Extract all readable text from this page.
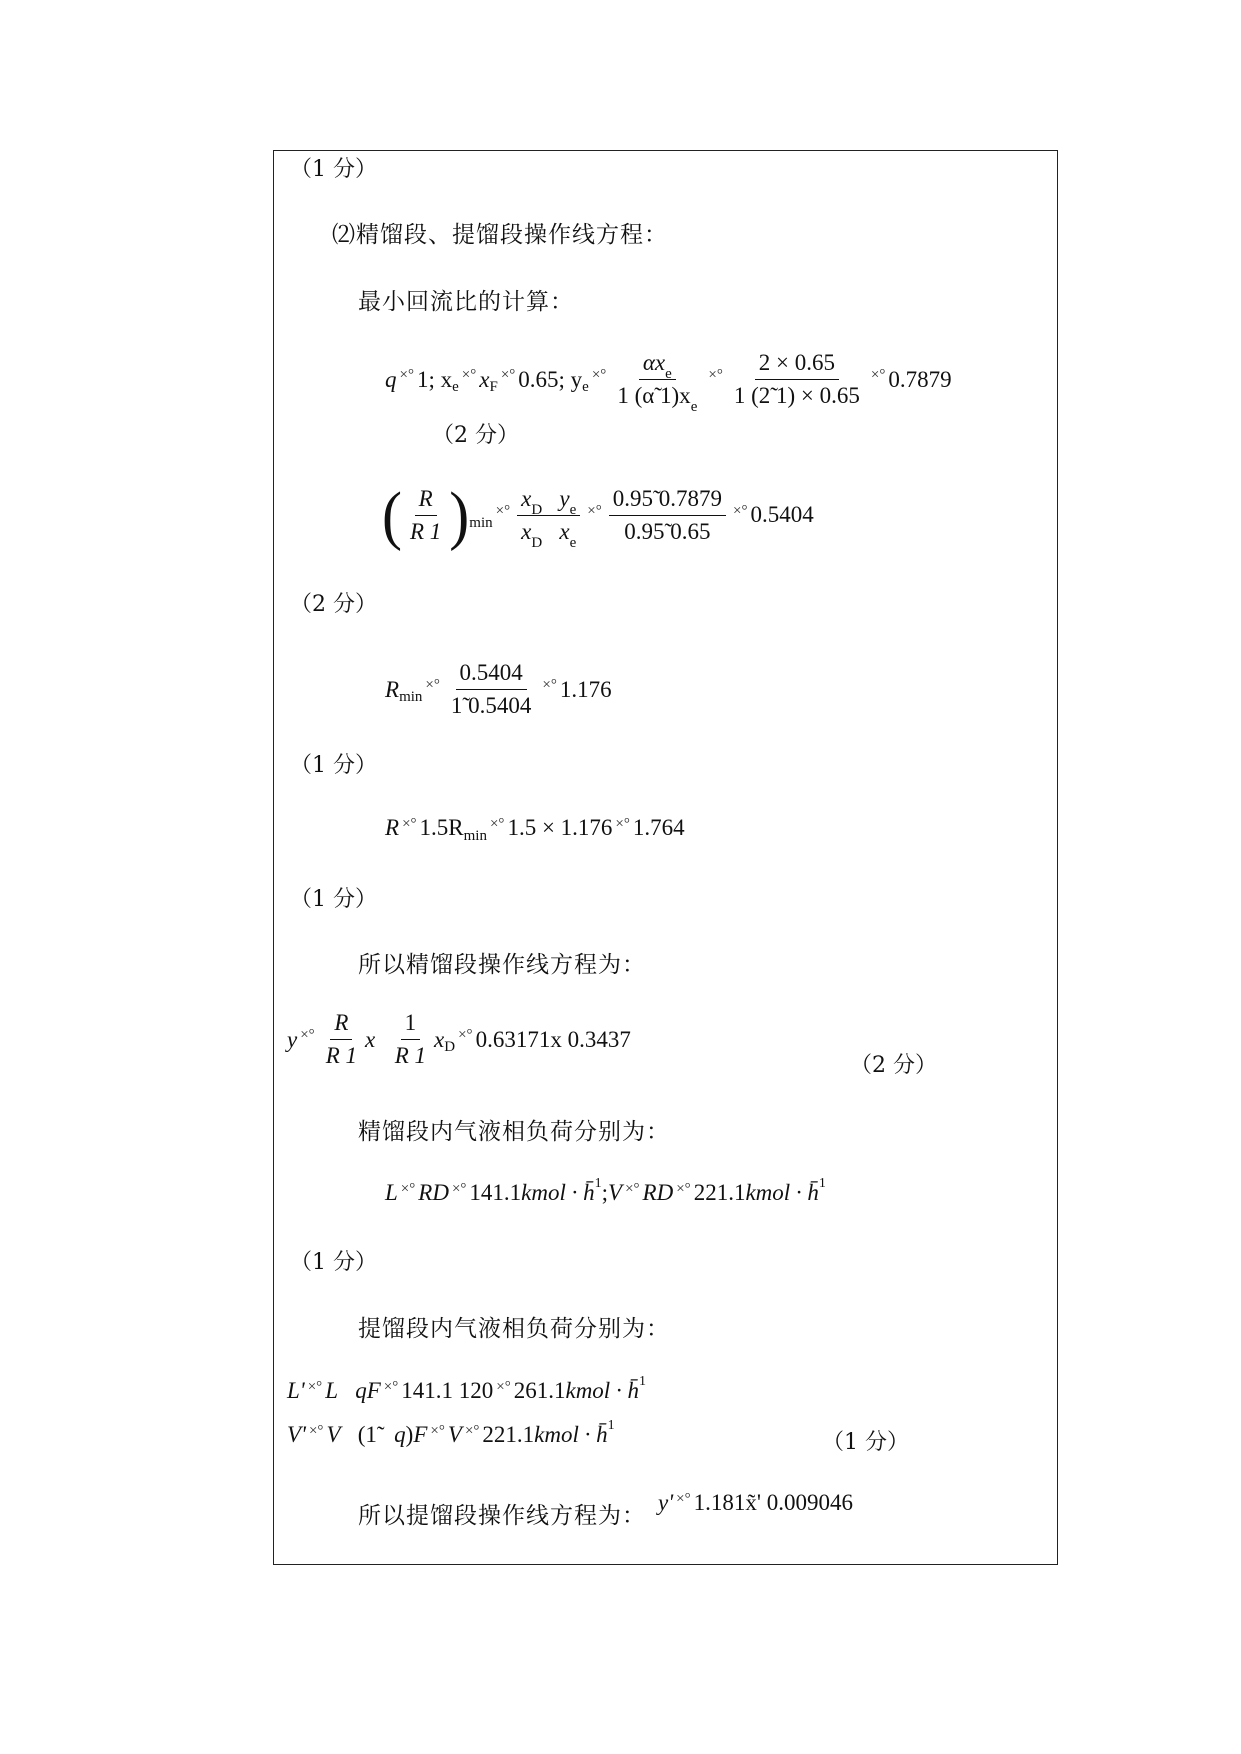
（1 分）
⑵精馏段、提馏段操作线方程：
最小回流比的计算：
q ×° 1; x e
×° x F
×° 0.65; y e
×° $\frac{\alpha x_e}{1 (\alphã 1)x_e}$ ×° $\frac{2 \times 0.65}{1 (2̃ 1) \times 0.65}$ ×° 0.7879
（2 分）
( $\frac{R}{R 1}$ ) min
×° $\frac{x_D y_e}{x_D x_e}$ ×° $\frac{0.95̃ 0.7879}{0.95̃ 0.65}$ ×° 0.5404
（2 分）
R min
×° $\frac{0.5404}{1̃ 0.5404}$ ×° 1.176
（1 分）
R ×° 1.5R min
×° 1.5 × 1.176 ×° 1.764
（1 分）
所以精馏段操作线方程为：
y ×° $\frac{R}{R 1}$ x
$\frac{1}{R 1}$ x D
×° 0.63171x 0.3437
（2 分）
精馏段内气液相负荷分别为：
L ×° RD ×° 141.1 kmol · h̄ 1 ; V ×° RD ×° 221.1 kmol · h̄ 1
（1 分）
提馏段内气液相负荷分别为：
L' ×° L
qF ×° 141.1 120 ×° 261.1 kmol · h̄ 1
V' ×° V (1̃ q ) F ×° V ×° 221.1 kmol · h̄ 1
（1 分）
所以提馏段操作线方程为：
y' ×° 1.181x̃' 0.009046
